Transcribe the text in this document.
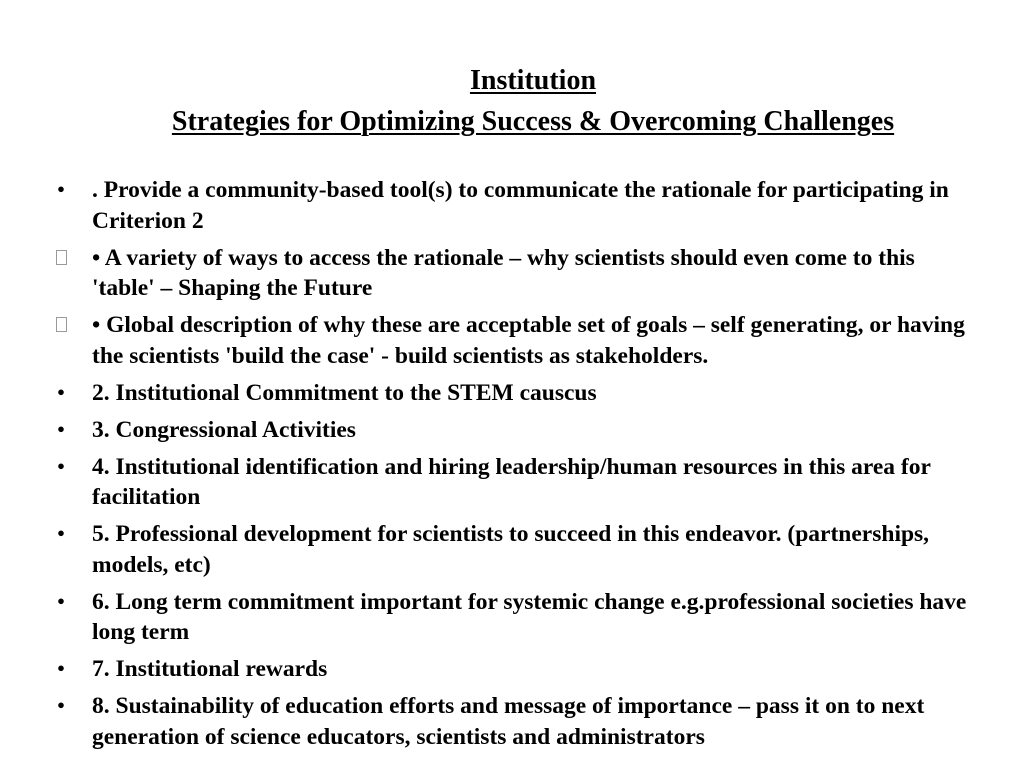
Institution
Strategies for Optimizing Success & Overcoming Challenges
• . Provide a community-based tool(s) to communicate the rationale for participating in Criterion 2
• A variety of ways to access the rationale – why scientists should even come to this 'table' – Shaping the Future
• Global description of why these are acceptable set of goals – self generating, or having the scientists 'build the case' - build scientists as stakeholders.
• 2. Institutional Commitment to the STEM causcus
• 3. Congressional Activities
• 4. Institutional identification and hiring leadership/human resources in this area for facilitation
• 5. Professional development for scientists to succeed in this endeavor. (partnerships, models, etc)
• 6. Long term commitment important for systemic change e.g.professional societies have long term
• 7. Institutional rewards
• 8. Sustainability of education efforts and message of importance – pass it on to next generation of science educators, scientists and administrators
